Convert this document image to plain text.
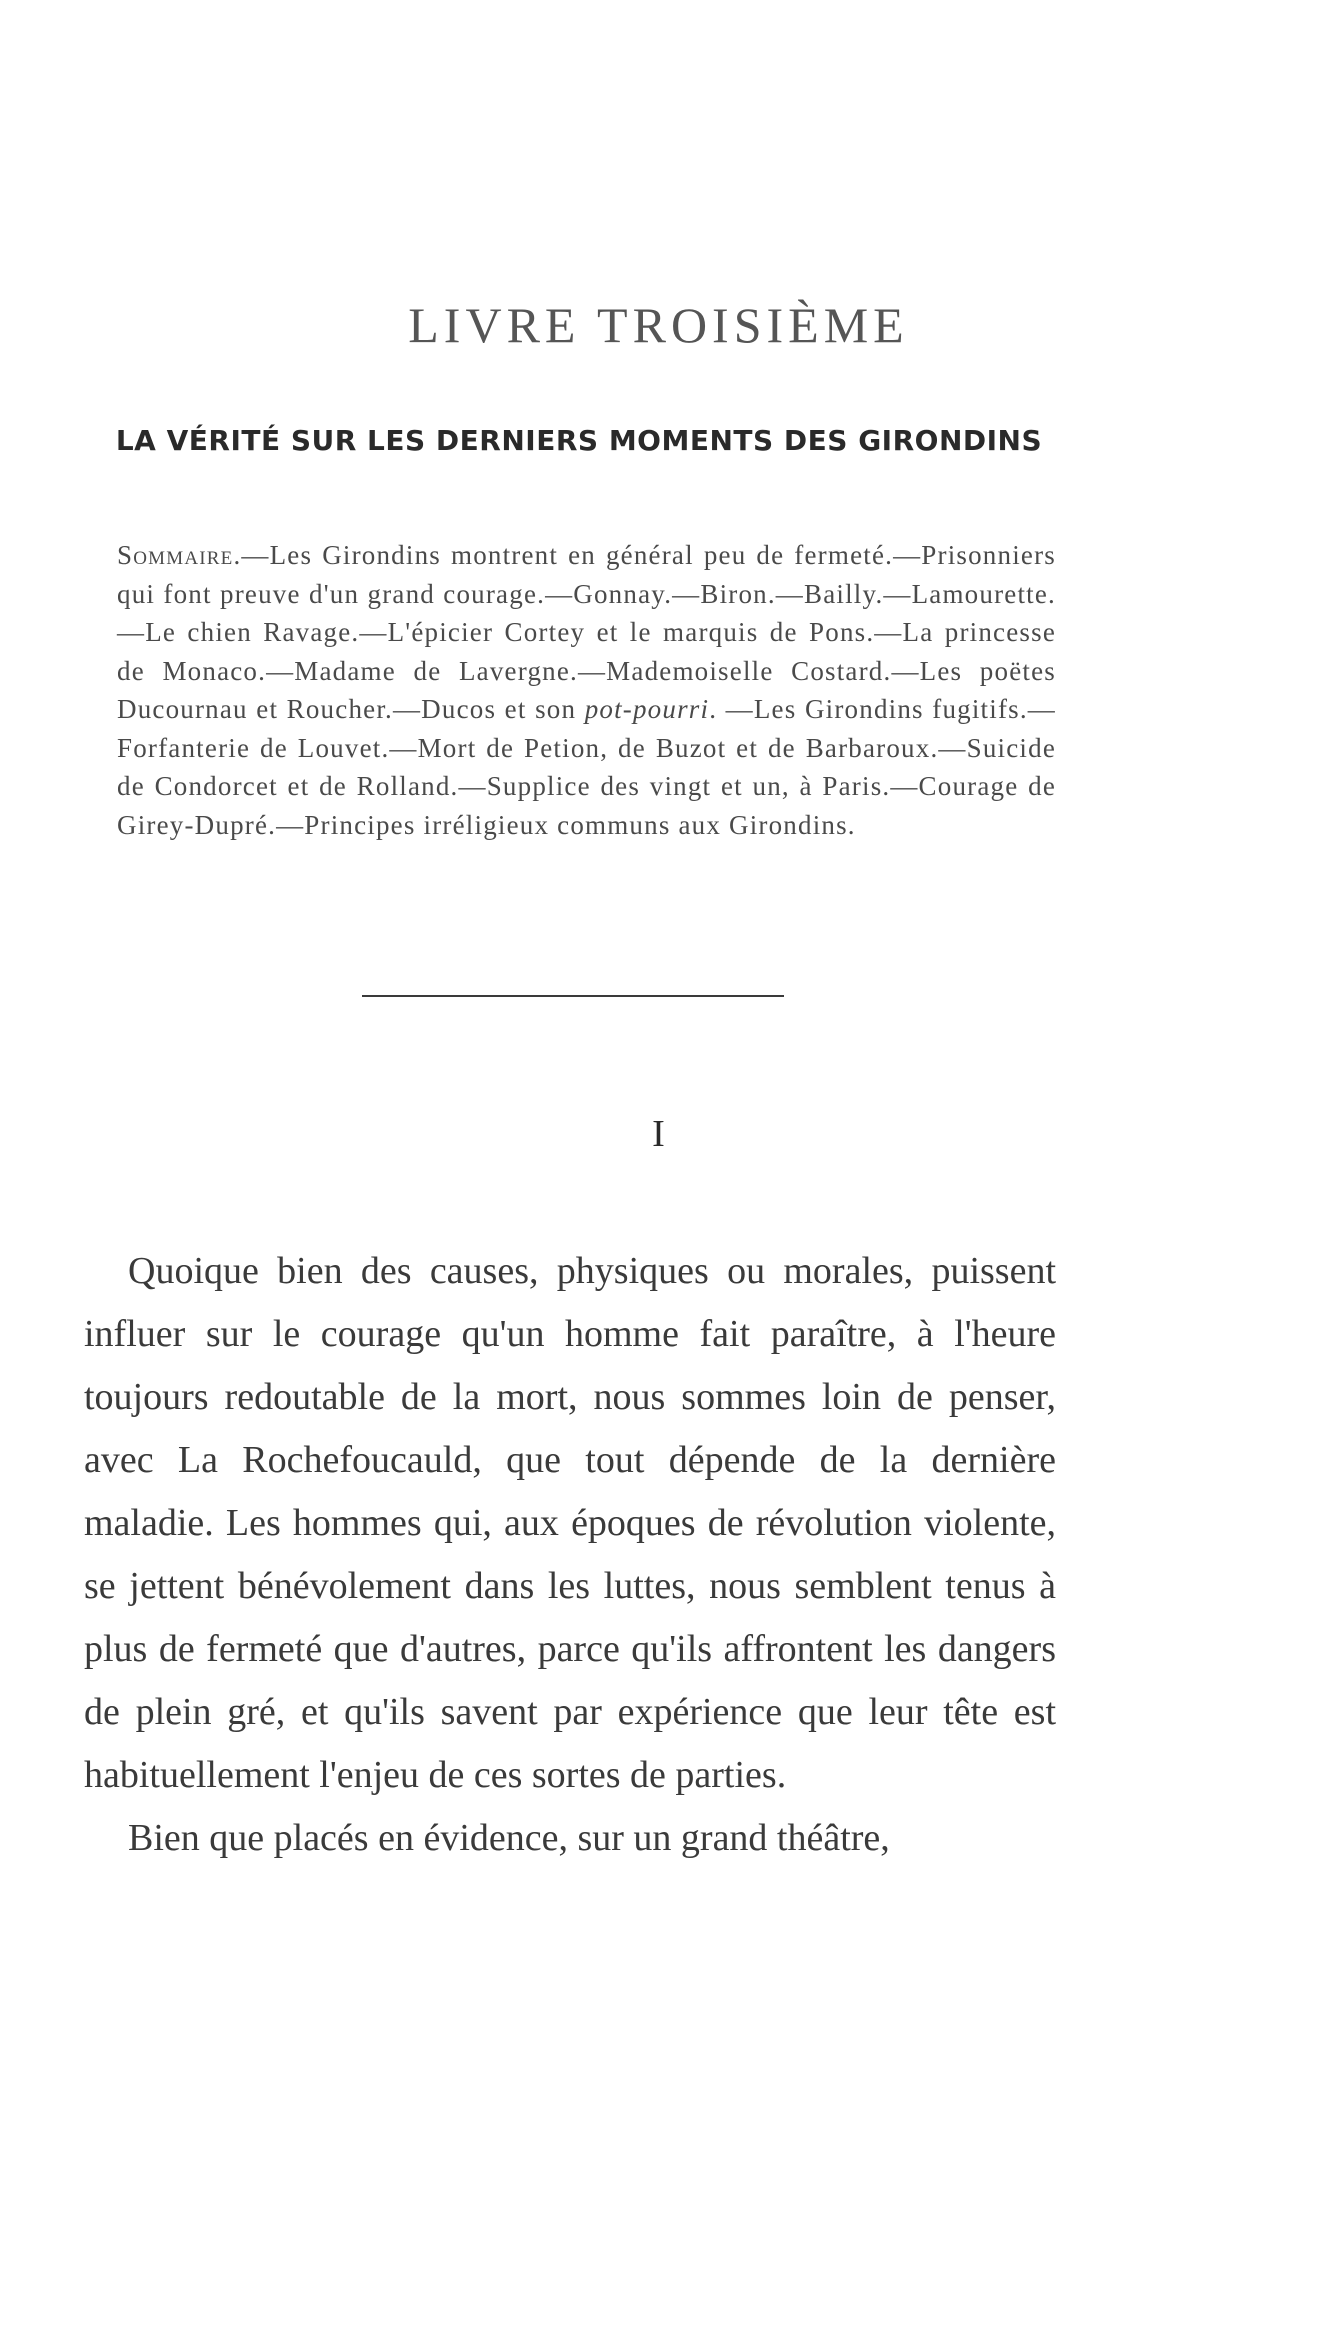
LIVRE TROISIÈME
LA VÉRITÉ SUR LES DERNIERS MOMENTS DES GIRONDINS
Sommaire.—Les Girondins montrent en général peu de fermeté.—Prisonniers qui font preuve d'un grand courage.—Gonnay.—Biron.—Bailly.—Lamourette.—Le chien Ravage.—L'épicier Cortey et le marquis de Pons.—La princesse de Monaco.—Madame de Lavergne.—Mademoiselle Costard.—Les poëtes Ducournau et Roucher.—Ducos et son pot-pourri. —Les Girondins fugitifs.—Forfanterie de Louvet.—Mort de Petion, de Buzot et de Barbaroux.—Suicide de Condorcet et de Rolland.—Supplice des vingt et un, à Paris.—Courage de Girey-Dupré.—Principes irréligieux communs aux Girondins.
I

Quoique bien des causes, physiques ou morales, puissent influer sur le courage qu'un homme fait paraître, à l'heure toujours redoutable de la mort, nous sommes loin de penser, avec La Rochefoucauld, que tout dépende de la dernière maladie. Les hommes qui, aux époques de révolution violente, se jettent bénévolement dans les luttes, nous semblent tenus à plus de fermeté que d'autres, parce qu'ils affrontent les dangers de plein gré, et qu'ils savent par expérience que leur tête est habituellement l'enjeu de ces sortes de parties.

Bien que placés en évidence, sur un grand théâtre,
